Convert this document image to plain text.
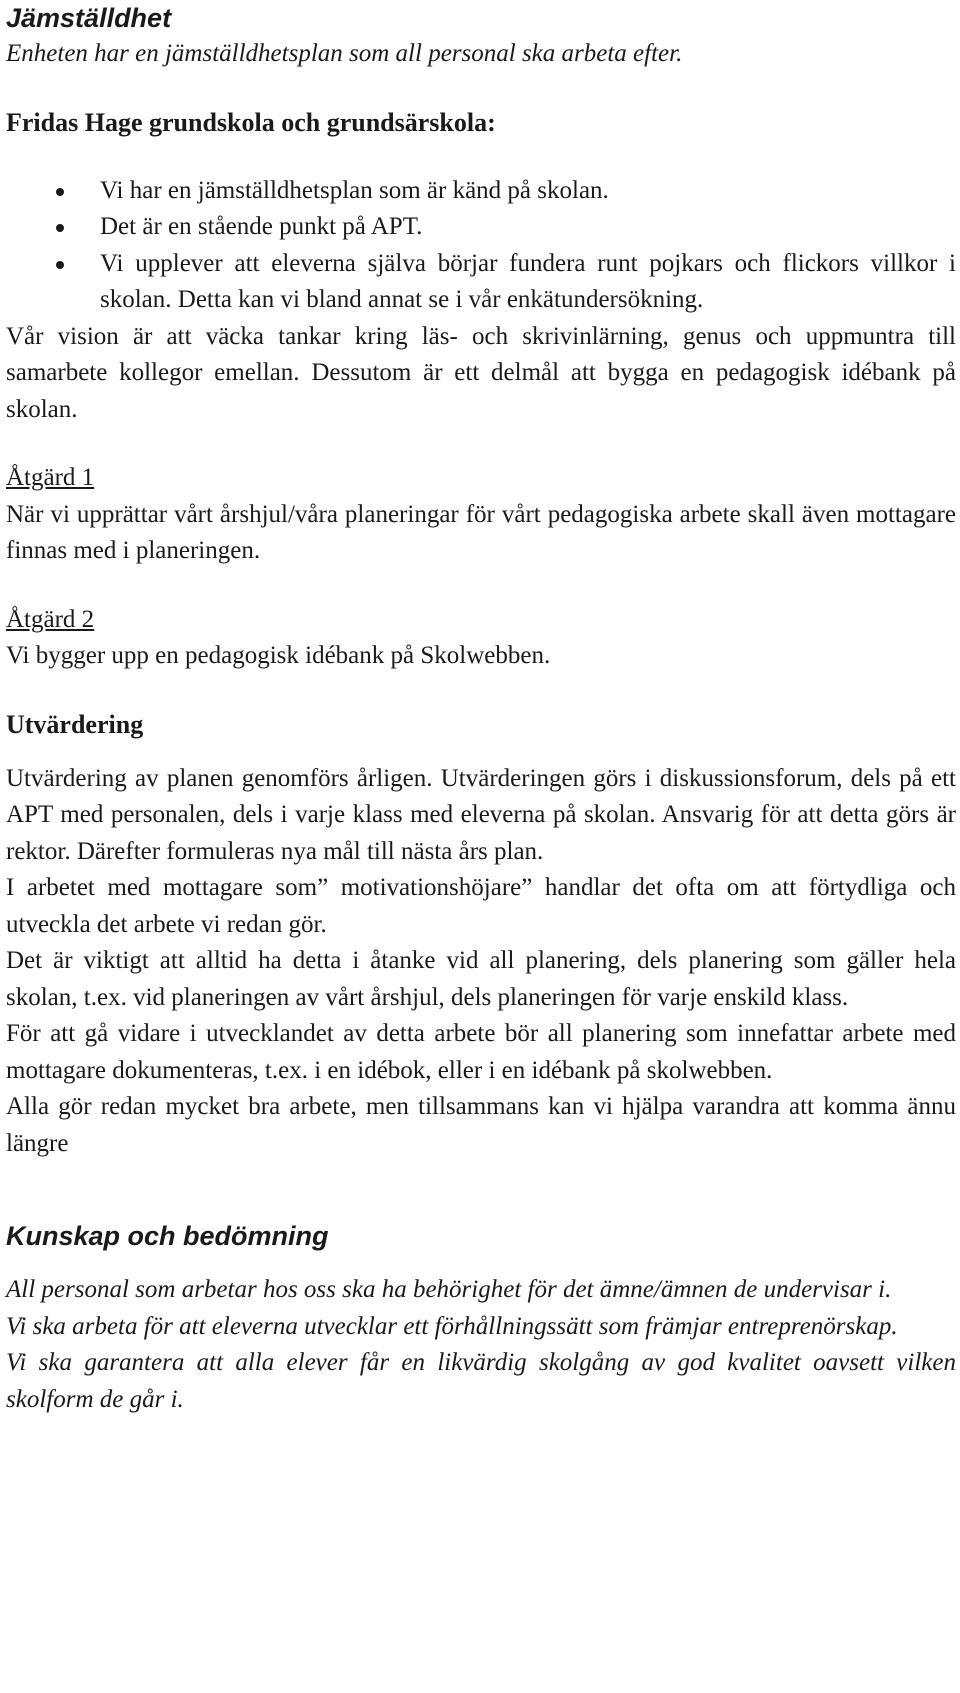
Jämställdhet

Enheten har en jämställdhetsplan som all personal ska arbeta efter.

Fridas Hage grundskola och grundsärskola:
Vi har en jämställdhetsplan som är känd på skolan.
Det är en stående punkt på APT.
Vi upplever att eleverna själva börjar fundera runt pojkars och flickors villkor i skolan. Detta kan vi bland annat se i vår enkätundersökning.

Vår vision är att väcka tankar kring läs- och skrivinlärning, genus och uppmuntra till samarbete kollegor emellan. Dessutom är ett delmål att bygga en pedagogisk idébank på skolan.

Åtgärd 1

När vi upprättar vårt årshjul/våra planeringar för vårt pedagogiska arbete skall även mottagare finnas med i planeringen.

Åtgärd 2

Vi bygger upp en pedagogisk idébank på Skolwebben.

Utvärdering

Utvärdering av planen genomförs årligen. Utvärderingen görs i diskussionsforum, dels på ett APT med personalen, dels i varje klass med eleverna på skolan. Ansvarig för att detta görs är rektor. Därefter formuleras nya mål till nästa års plan.

I arbetet med mottagare som” motivationshöjare” handlar det ofta om att förtydliga och utveckla det arbete vi redan gör.

Det är viktigt att alltid ha detta i åtanke vid all planering, dels planering som gäller hela skolan, t.ex. vid planeringen av vårt årshjul, dels planeringen för varje enskild klass.

För att gå vidare i utvecklandet av detta arbete bör all planering som innefattar arbete med mottagare dokumenteras, t.ex. i en idébok, eller i en idébank på skolwebben.

Alla gör redan mycket bra arbete, men tillsammans kan vi hjälpa varandra att komma ännu längre

Kunskap och bedömning

All personal som arbetar hos oss ska ha behörighet för det ämne/ämnen de undervisar i.

Vi ska arbeta för att eleverna utvecklar ett förhållningssätt som främjar entreprenörskap.

Vi ska garantera att alla elever får en likvärdig skolgång av god kvalitet oavsett vilken skolform de går i.
